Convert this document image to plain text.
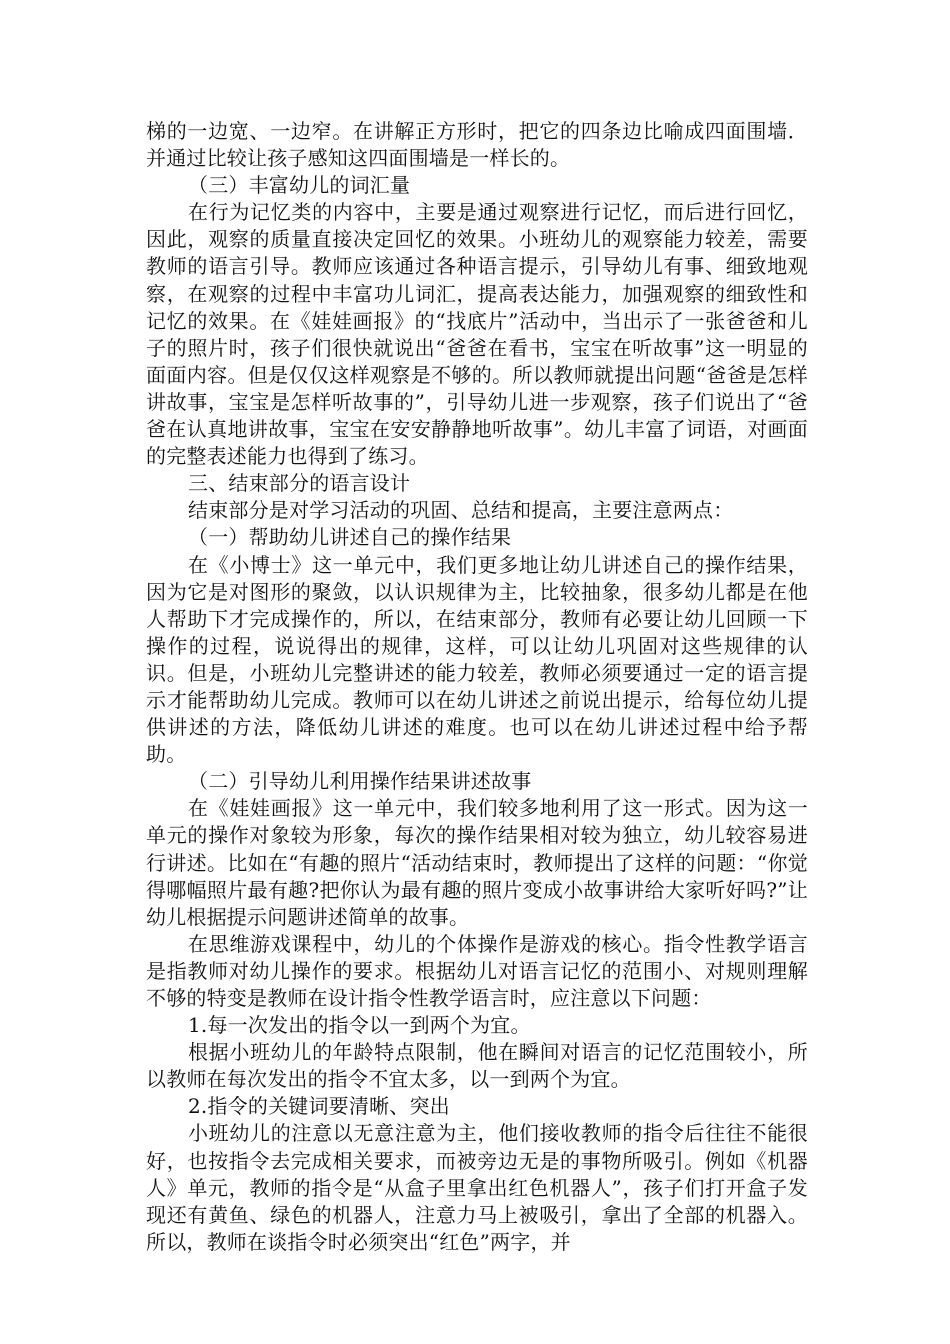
梯的一边宽、一边窄。在讲解正方形时，把它的四条边比喻成四面围墙．并通过比较让孩子感知这四面围墙是一样长的。

（三）丰富幼儿的词汇量

在行为记忆类的内容中，主要是通过观察进行记忆，而后进行回忆，因此，观察的质量直接决定回忆的效果。小班幼儿的观察能力较差，需要教师的语言引导。教师应该通过各种语言提示，引导幼儿有事、细致地观察，在观察的过程中丰富功儿词汇，提高表达能力，加强观察的细致性和记忆的效果。在《娃娃画报》的“找底片”活动中，当出示了一张爸爸和儿子的照片时，孩子们很快就说出“爸爸在看书，宝宝在听故事”这一明显的面面内容。但是仅仅这样观察是不够的。所以教师就提出问题“爸爸是怎样讲故事，宝宝是怎样听故事的”，引导幼儿进一步观察，孩子们说出了“爸爸在认真地讲故事，宝宝在安安静静地听故事”。幼儿丰富了词语，对画面的完整表述能力也得到了练习。

三、结束部分的语言设计

结束部分是对学习活动的巩固、总结和提高，主要注意两点：

（一）帮助幼儿讲述自己的操作结果

在《小博士》这一单元中，我们更多地让幼儿讲述自己的操作结果，因为它是对图形的聚敛，以认识规律为主，比较抽象，很多幼儿都是在他人帮助下才完成操作的，所以，在结束部分，教师有必要让幼儿回顾一下操作的过程，说说得出的规律，这样，可以让幼儿巩固对这些规律的认识。但是，小班幼儿完整讲述的能力较差，教师必须要通过一定的语言提示才能帮助幼儿完成。教师可以在幼儿讲述之前说出提示，给每位幼儿提供讲述的方法，降低幼儿讲述的难度。也可以在幼儿讲述过程中给予帮助。

（二）引导幼儿利用操作结果讲述故事

在《娃娃画报》这一单元中，我们较多地利用了这一形式。因为这一单元的操作对象较为形象，每次的操作结果相对较为独立，幼儿较容易进行讲述。比如在“有趣的照片“活动结束时，教师提出了这样的问题：“你觉得哪幅照片最有趣?把你认为最有趣的照片变成小故事讲给大家听好吗?”让幼儿根据提示问题讲述简单的故事。

在思维游戏课程中，幼儿的个体操作是游戏的核心。指令性教学语言是指教师对幼儿操作的要求。根据幼儿对语言记忆的范围小、对规则理解不够的特变是教师在设计指令性教学语言时，应注意以下问题：

1.每一次发出的指令以一到两个为宜。

根据小班幼儿的年龄特点限制，他在瞬间对语言的记忆范围较小，所以教师在每次发出的指令不宜太多，以一到两个为宜。

2.指令的关键词要清晰、突出

小班幼儿的注意以无意注意为主，他们接收教师的指令后往往不能很好，也按指令去完成相关要求，而被旁边无是的事物所吸引。例如《机器人》单元，教师的指令是“从盒子里拿出红色机器人”，孩子们打开盒子发现还有黄鱼、绿色的机器人，注意力马上被吸引，拿出了全部的机器入。所以，教师在谈指令时必须突出“红色”两字，并
